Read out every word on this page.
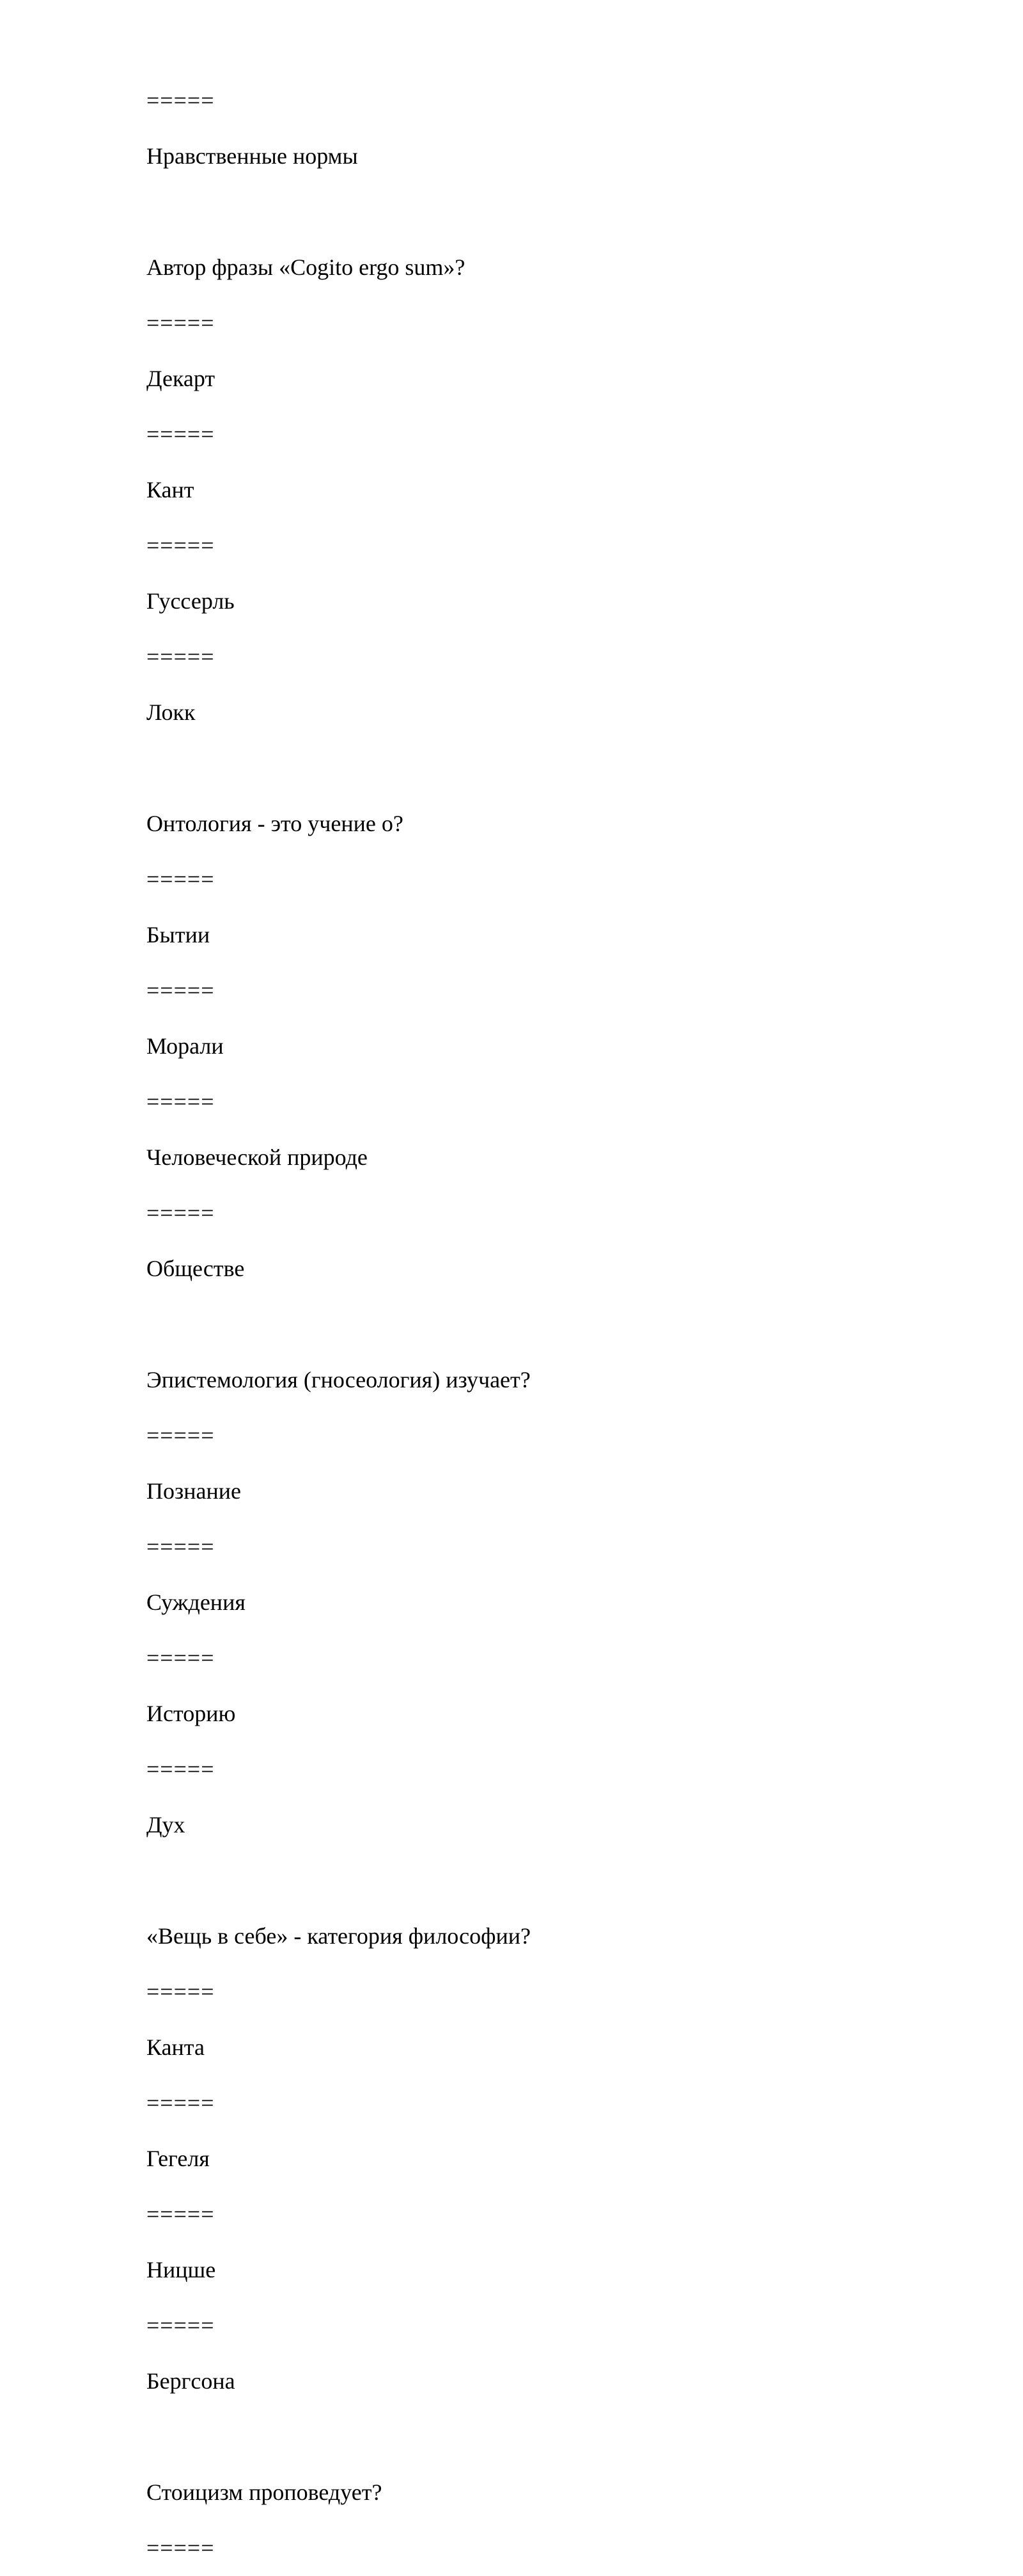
=====
Нравственные нормы
Автор фразы «Cogito ergo sum»?
=====
Декарт
=====
Кант
=====
Гуссерль
=====
Локк
Онтология - это учение о?
=====
Бытии
=====
Морали
=====
Человеческой природе
=====
Обществе
Эпистемология (гносеология) изучает?
=====
Познание
=====
Суждения
=====
Историю
=====
Дух
«Вещь в себе» - категория философии?
=====
Канта
=====
Гегеля
=====
Ницше
=====
Бергсона
Стоицизм проповедует?
=====
